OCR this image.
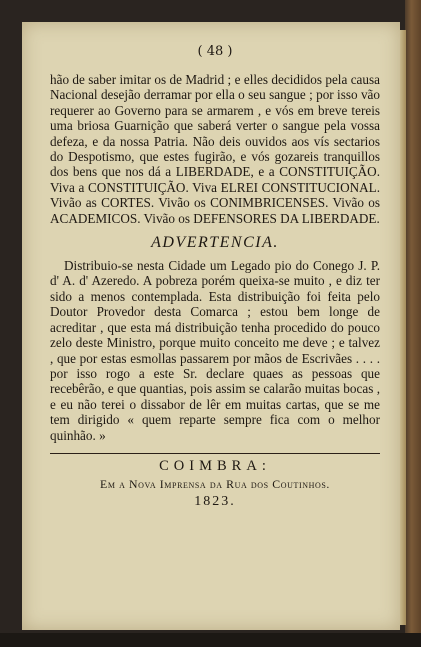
( 48 )

hão de saber imitar os de Madrid ; e elles decididos pela causa Nacional desejão derramar por ella o seu sangue ; por isso vão requerer ao Governo para se armarem , e vós em breve tereis uma briosa Guarnição que saberá verter o sangue pela vossa defeza, e da nossa Patria. Não deis ouvidos aos vís sectarios do Despotismo, que estes fugirão, e vós gozareis tranquillos dos bens que nos dá a LIBERDADE, e a CONSTITUIÇÃO. Viva a CONSTITUIÇÃO. Viva ELREI CONSTITUCIONAL. Vivão as CORTES. Vivão os CONIMBRICENSES. Vivão os ACADEMICOS. Vivão os DEFENSORES DA LIBERDADE.

ADVERTENCIA.

Distribuio-se nesta Cidade um Legado pio do Conego J. P. d' A. d' Azeredo. A pobreza porém queixa-se muito , e diz ter sido a menos contemplada. Esta distribuição foi feita pelo Doutor Provedor desta Comarca ; estou bem longe de acreditar , que esta má distribuição tenha procedido do pouco zelo deste Ministro, porque muito conceito me deve ; e talvez , que por estas esmollas passarem por mãos de Escrivães . . . . por isso rogo a este Sr. declare quaes as pessoas que recebêrão, e que quantias, pois assim se calarão muitas bocas , e eu não terei o dissabor de lêr em muitas cartas, que se me tem dirigido « quem reparte sempre fica com o melhor quinhão. »

COIMBRA:
Em a Nova Imprensa da Rua dos Coutinhos.
1823.
